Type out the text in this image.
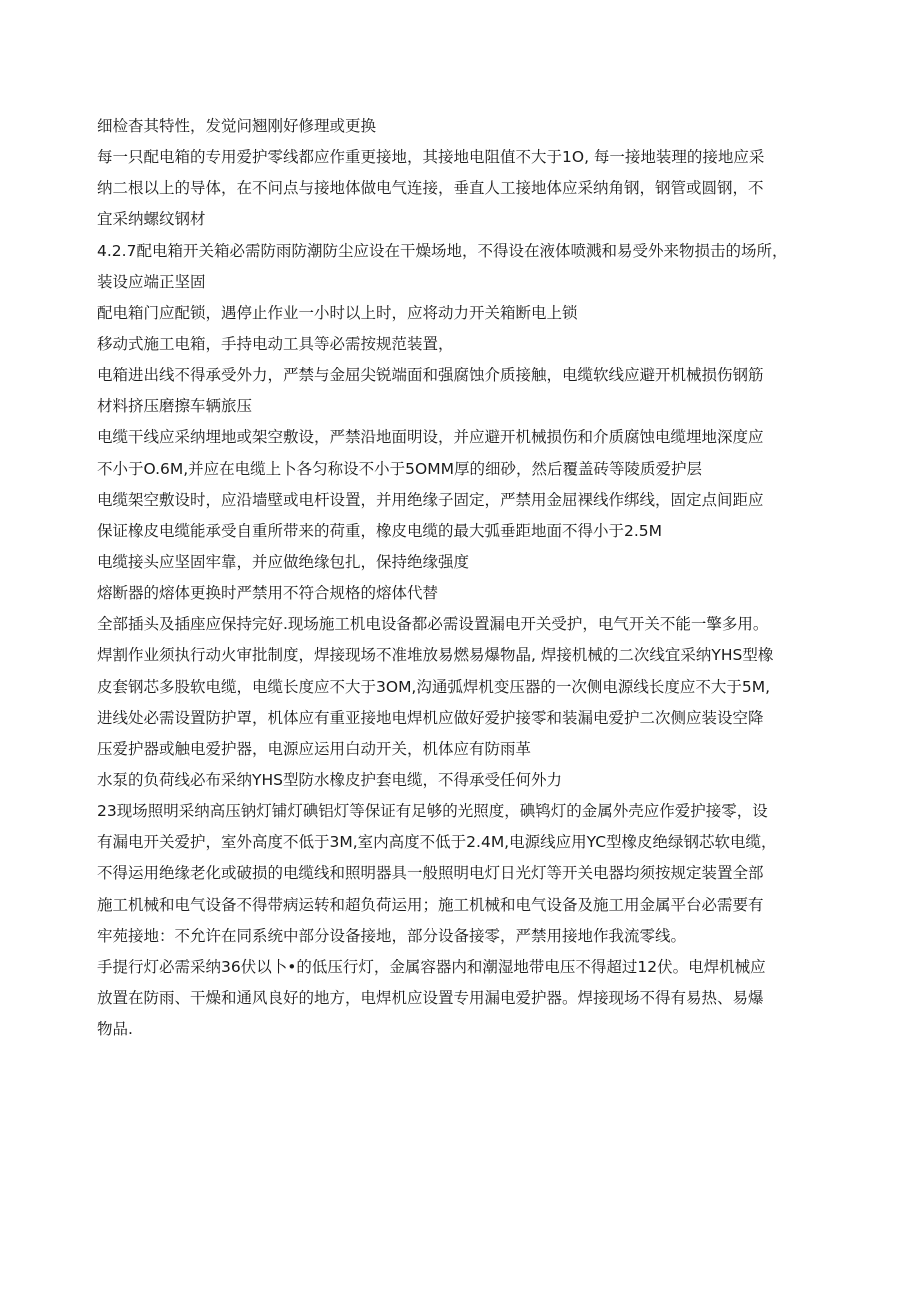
细检杳其特性，发觉问翘刚好修理或更换
每一只配电箱的专用爱护零线都应作重更接地，其接地电阻值不大于1O, 每一接地装理的接地应采
纳二根以上的导体，在不问点与接地体做电气连接，垂直人工接地体应采纳角钢，钢管或圆钢，不
宜采纳螺纹钢材
4.2.7配电箱开关箱必需防雨防潮防尘应设在干燥场地，不得设在液体喷溅和易受外来物损击的场所，
装设应端正坚固
配电箱门应配锁，遇停止作业一小时以上时，应将动力开关箱断电上锁
移动式施工电箱，手持电动工具等必需按规范装置，
电箱进出线不得承受外力，严禁与金屈尖锐端面和强腐蚀介质接触，电缆软线应避开机械损伤钢筋
材料挤压磨擦车辆旅压
电缆干线应采纳埋地或架空敷设，严禁沿地面明设，并应避开机械损伤和介质腐蚀电缆埋地深度应
不小于O.6M,并应在电缆上卜各匀称设不小于5OMM厚的细砂，然后覆盖砖等陵质爱护层
电缆架空敷设时，应沿墙壁或电杆设置，并用绝缘子固定，严禁用金屈裸线作绑线，固定点间距应
保证橡皮电缆能承受自重所带来的荷重，橡皮电缆的最大弧垂距地面不得小于2.5M
电缆接头应坚固牢靠，并应做绝缘包扎，保持绝缘强度
熔断器的熔体更换时严禁用不符合规格的熔体代替
全部插头及插座应保持完好.现场施工机电设备都必需设置漏电开关受护，电气开关不能一擎多用。
焊割作业须执行动火审批制度，焊接现场不准堆放易燃易爆物晶, 焊接机械的二次线宜采纳YHS型橡
皮套钢芯多股软电缆，电缆长度应不大于3OM,沟通弧焊机变压器的一次侧电源线长度应不大于5M,
进线处必需设置防护罩，机体应有重亚接地电焊机应做好爱护接零和装漏电爱护二次侧应装设空降
压爱护器或触电爱护器，电源应运用白动开关，机体应有防雨革
水泵的负荷线必布采纳YHS型防水橡皮护套电缆，不得承受任何外力
23现场照明采纳高压钠灯铺灯碘铝灯等保证有足够的光照度，碘鸨灯的金属外壳应作爱护接零，设
有漏电开关爱护，室外高度不低于3M,室内高度不低于2.4M,电源线应用YC型橡皮绝绿钢芯软电缆，
不得运用绝缘老化或破损的电缆线和照明器具一般照明电灯日光灯等开关电器均须按规定装置全部
施工机械和电气设备不得带病运转和超负荷运用；施工机械和电气设备及施工用金属平台必需要有
牢苑接地：不允许在同系统中部分设备接地，部分设备接零，严禁用接地作我流零线。
手提行灯必需采纳36伏以卜•的低压行灯，金属容器内和潮湿地带电压不得超过12伏。电焊机械应
放置在防雨、干燥和通风良好的地方，电焊机应设置专用漏电爱护器。焊接现场不得有易热、易爆
物品.
